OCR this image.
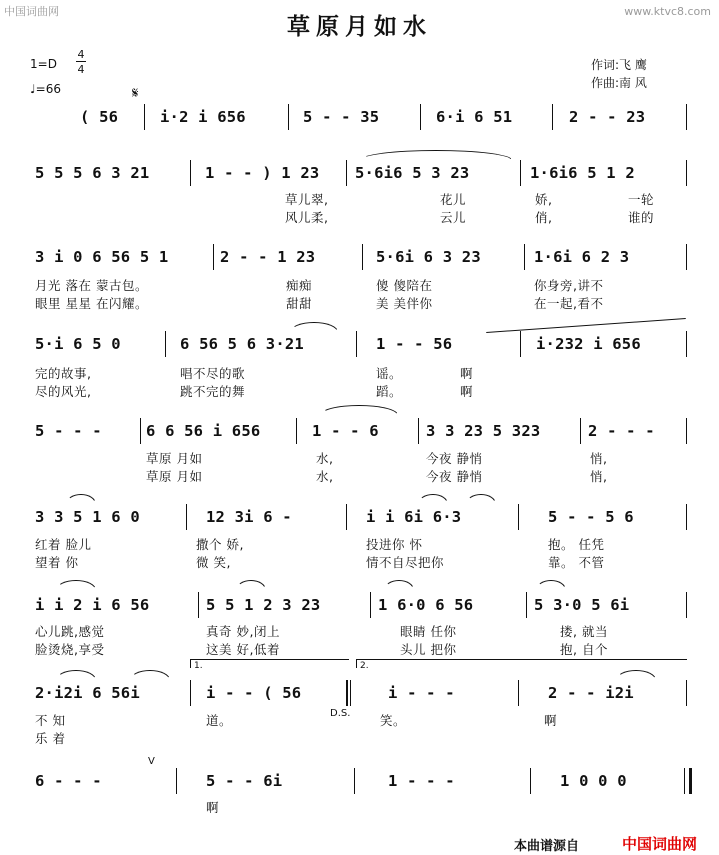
中国词曲网	www.ktvc8.com
草原月如水
1=D
4
4
♩=66
作词:飞 鹰
作曲:南 风
𝄋
( 56	i·2 i 656	5 - - 35	6·i 6 51	2 - - 23
5 5 5 6 3 21	1 - - ) 1 23 5·6i6 5 3 23	1·6i6 5 1 2
草儿翠,	花儿	娇,	一轮
风儿柔,	云儿	俏,	谁的
3 i 0 6 56 5 1	2 - - 1 23	5·6i 6 3 23	1·6i 6 2 3
月光 落在 蒙古包。	痴痴	傻 傻陪在	你身旁,讲不
眼里 星星 在闪耀。	甜甜	美 美伴你	在一起,看不
5·i 6 5 0	6 56 5 6 3·21	1 - - 56	i·232 i 656
完的故事,	唱不尽的歌	谣。	啊
尽的风光,	跳不完的舞	蹈。	啊
5 - - -	6 6 56 i 656	1 - - 6	3 3 23 5 323	2 - - -
草原 月如	水,	今夜 静悄	悄,
草原 月如	水,	今夜 静悄	悄,
3 3 5 1 6 0	12 3i 6 -	i i 6i 6·3	5 - - 5 6
红着 脸儿	撒个 娇,	投进你 怀	抱。 任凭
望着 你	微 笑,	情不自尽把你	靠。 不管
i i 2 i 6 56	5 5 1 2 3 23	1 6·0 6 56	5 3·0 5 6i
心儿跳,感觉	真奇 妙,闭上	眼睛 任你	搂, 就当
脸烫烧,享受	这美 好,低着	头儿 把你	抱, 自个
1.	2.
2·i2i 6 56i	i - - ( 56	i - - -	2 - - i2i
不 知	道。	笑。	啊
D.S.
乐 着
V
6 - - -	5 - - 6i	1 - - -	1 0 0 0
啊
本曲谱源自	中国词曲网
